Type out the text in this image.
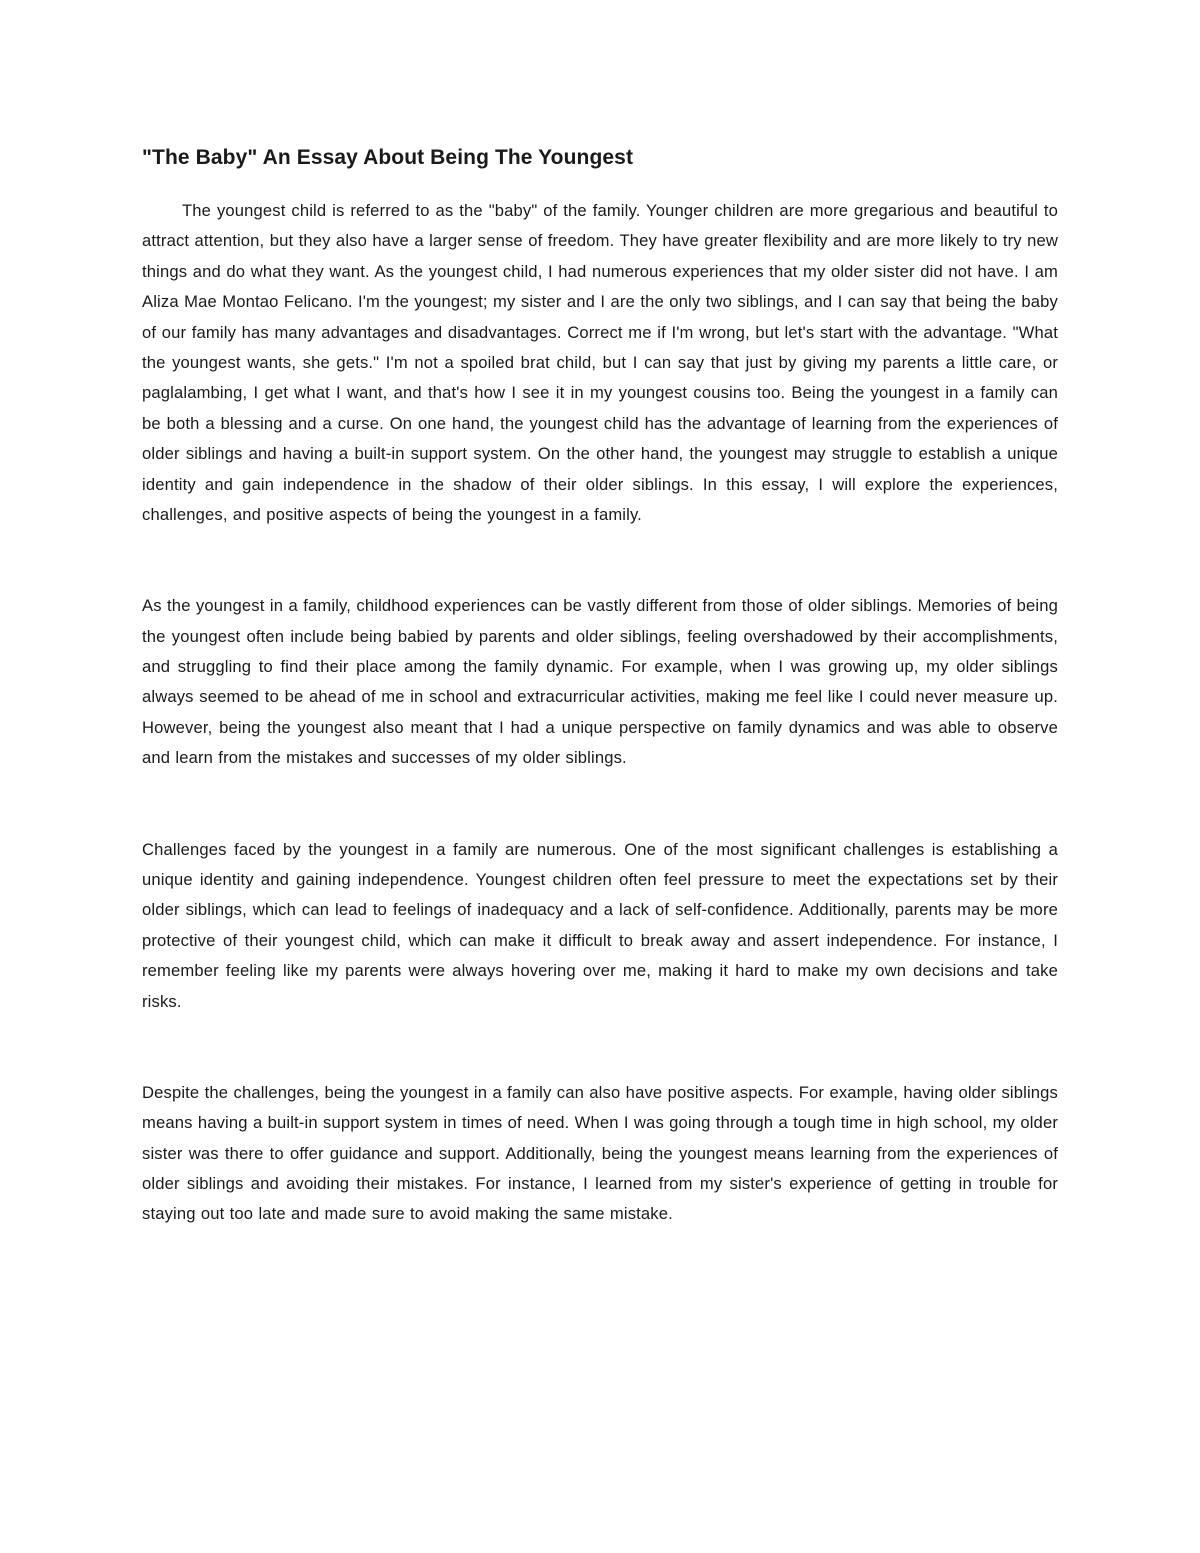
"The Baby" An Essay About Being The Youngest

The youngest child is referred to as the "baby" of the family. Younger children are more gregarious and beautiful to attract attention, but they also have a larger sense of freedom. They have greater flexibility and are more likely to try new things and do what they want. As the youngest child, I had numerous experiences that my older sister did not have. I am Aliza Mae Montao Felicano. I'm the youngest; my sister and I are the only two siblings, and I can say that being the baby of our family has many advantages and disadvantages. Correct me if I'm wrong, but let's start with the advantage. "What the youngest wants, she gets." I'm not a spoiled brat child, but I can say that just by giving my parents a little care, or paglalambing, I get what I want, and that's how I see it in my youngest cousins too. Being the youngest in a family can be both a blessing and a curse. On one hand, the youngest child has the advantage of learning from the experiences of older siblings and having a built-in support system. On the other hand, the youngest may struggle to establish a unique identity and gain independence in the shadow of their older siblings. In this essay, I will explore the experiences, challenges, and positive aspects of being the youngest in a family.

As the youngest in a family, childhood experiences can be vastly different from those of older siblings. Memories of being the youngest often include being babied by parents and older siblings, feeling overshadowed by their accomplishments, and struggling to find their place among the family dynamic. For example, when I was growing up, my older siblings always seemed to be ahead of me in school and extracurricular activities, making me feel like I could never measure up. However, being the youngest also meant that I had a unique perspective on family dynamics and was able to observe and learn from the mistakes and successes of my older siblings.

Challenges faced by the youngest in a family are numerous. One of the most significant challenges is establishing a unique identity and gaining independence. Youngest children often feel pressure to meet the expectations set by their older siblings, which can lead to feelings of inadequacy and a lack of self-confidence. Additionally, parents may be more protective of their youngest child, which can make it difficult to break away and assert independence. For instance, I remember feeling like my parents were always hovering over me, making it hard to make my own decisions and take risks.

Despite the challenges, being the youngest in a family can also have positive aspects. For example, having older siblings means having a built-in support system in times of need. When I was going through a tough time in high school, my older sister was there to offer guidance and support. Additionally, being the youngest means learning from the experiences of older siblings and avoiding their mistakes. For instance, I learned from my sister's experience of getting in trouble for staying out too late and made sure to avoid making the same mistake.
